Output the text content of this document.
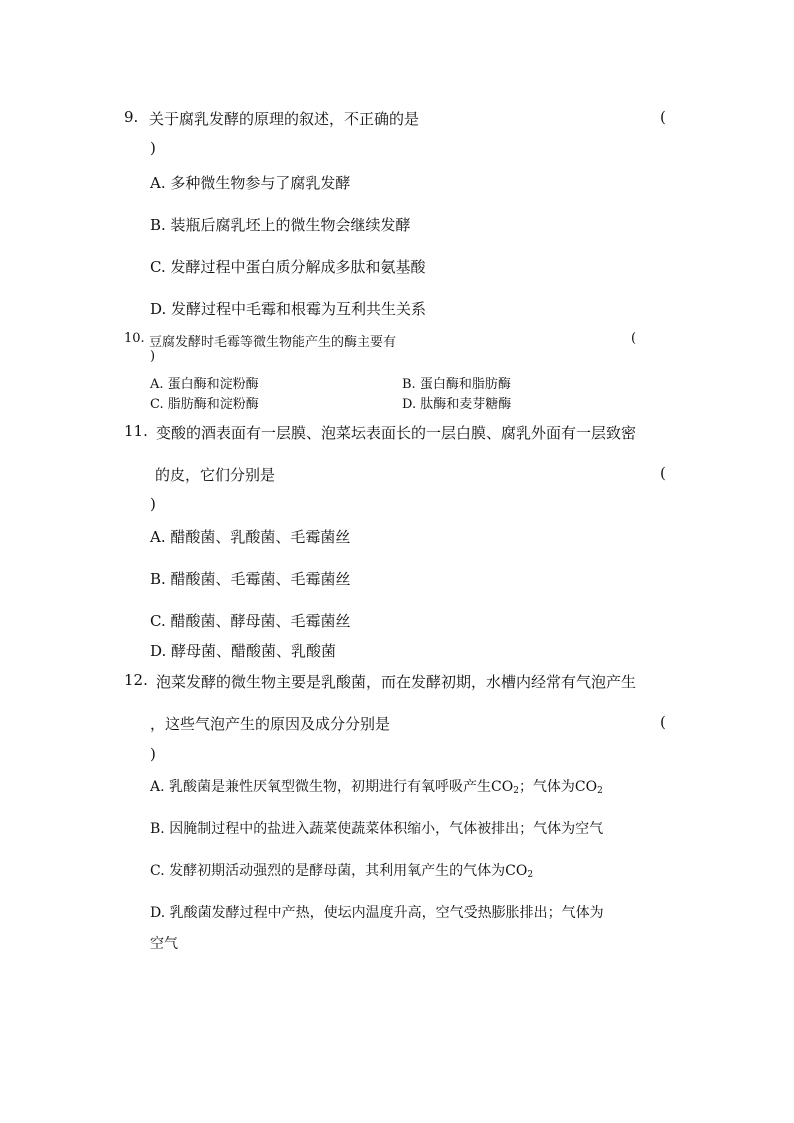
9. 关于腐乳发酵的原理的叙述，不正确的是	(
)
A. 多种微生物参与了腐乳发酵
B. 装瓶后腐乳坯上的微生物会继续发酵
C. 发酵过程中蛋白质分解成多肽和氨基酸
D. 发酵过程中毛霉和根霉为互利共生关系
10. 豆腐发酵时毛霉等微生物能产生的酶主要有	(
)
A. 蛋白酶和淀粉酶	B. 蛋白酶和脂肪酶
C. 脂肪酶和淀粉酶	D. 肽酶和麦芽糖酶
11. 变酸的酒表面有一层膜、泡菜坛表面长的一层白膜、腐乳外面有一层致密
的皮，它们分别是	(
)
A. 醋酸菌、乳酸菌、毛霉菌丝
B. 醋酸菌、毛霉菌、毛霉菌丝
C. 醋酸菌、酵母菌、毛霉菌丝
D. 酵母菌、醋酸菌、乳酸菌
12. 泡菜发酵的微生物主要是乳酸菌，而在发酵初期，水槽内经常有气泡产生
，这些气泡产生的原因及成分分别是	(
)
A. 乳酸菌是兼性厌氧型微生物，初期进行有氧呼吸产生$CO_2$；气体为$CO_2$
B. 因腌制过程中的盐进入蔬菜使蔬菜体积缩小，气体被排出；气体为空气
C. 发酵初期活动强烈的是酵母菌，其利用氧产生的气体为$CO_2$
D. 乳酸菌发酵过程中产热，使坛内温度升高，空气受热膨胀排出；气体为
空气
